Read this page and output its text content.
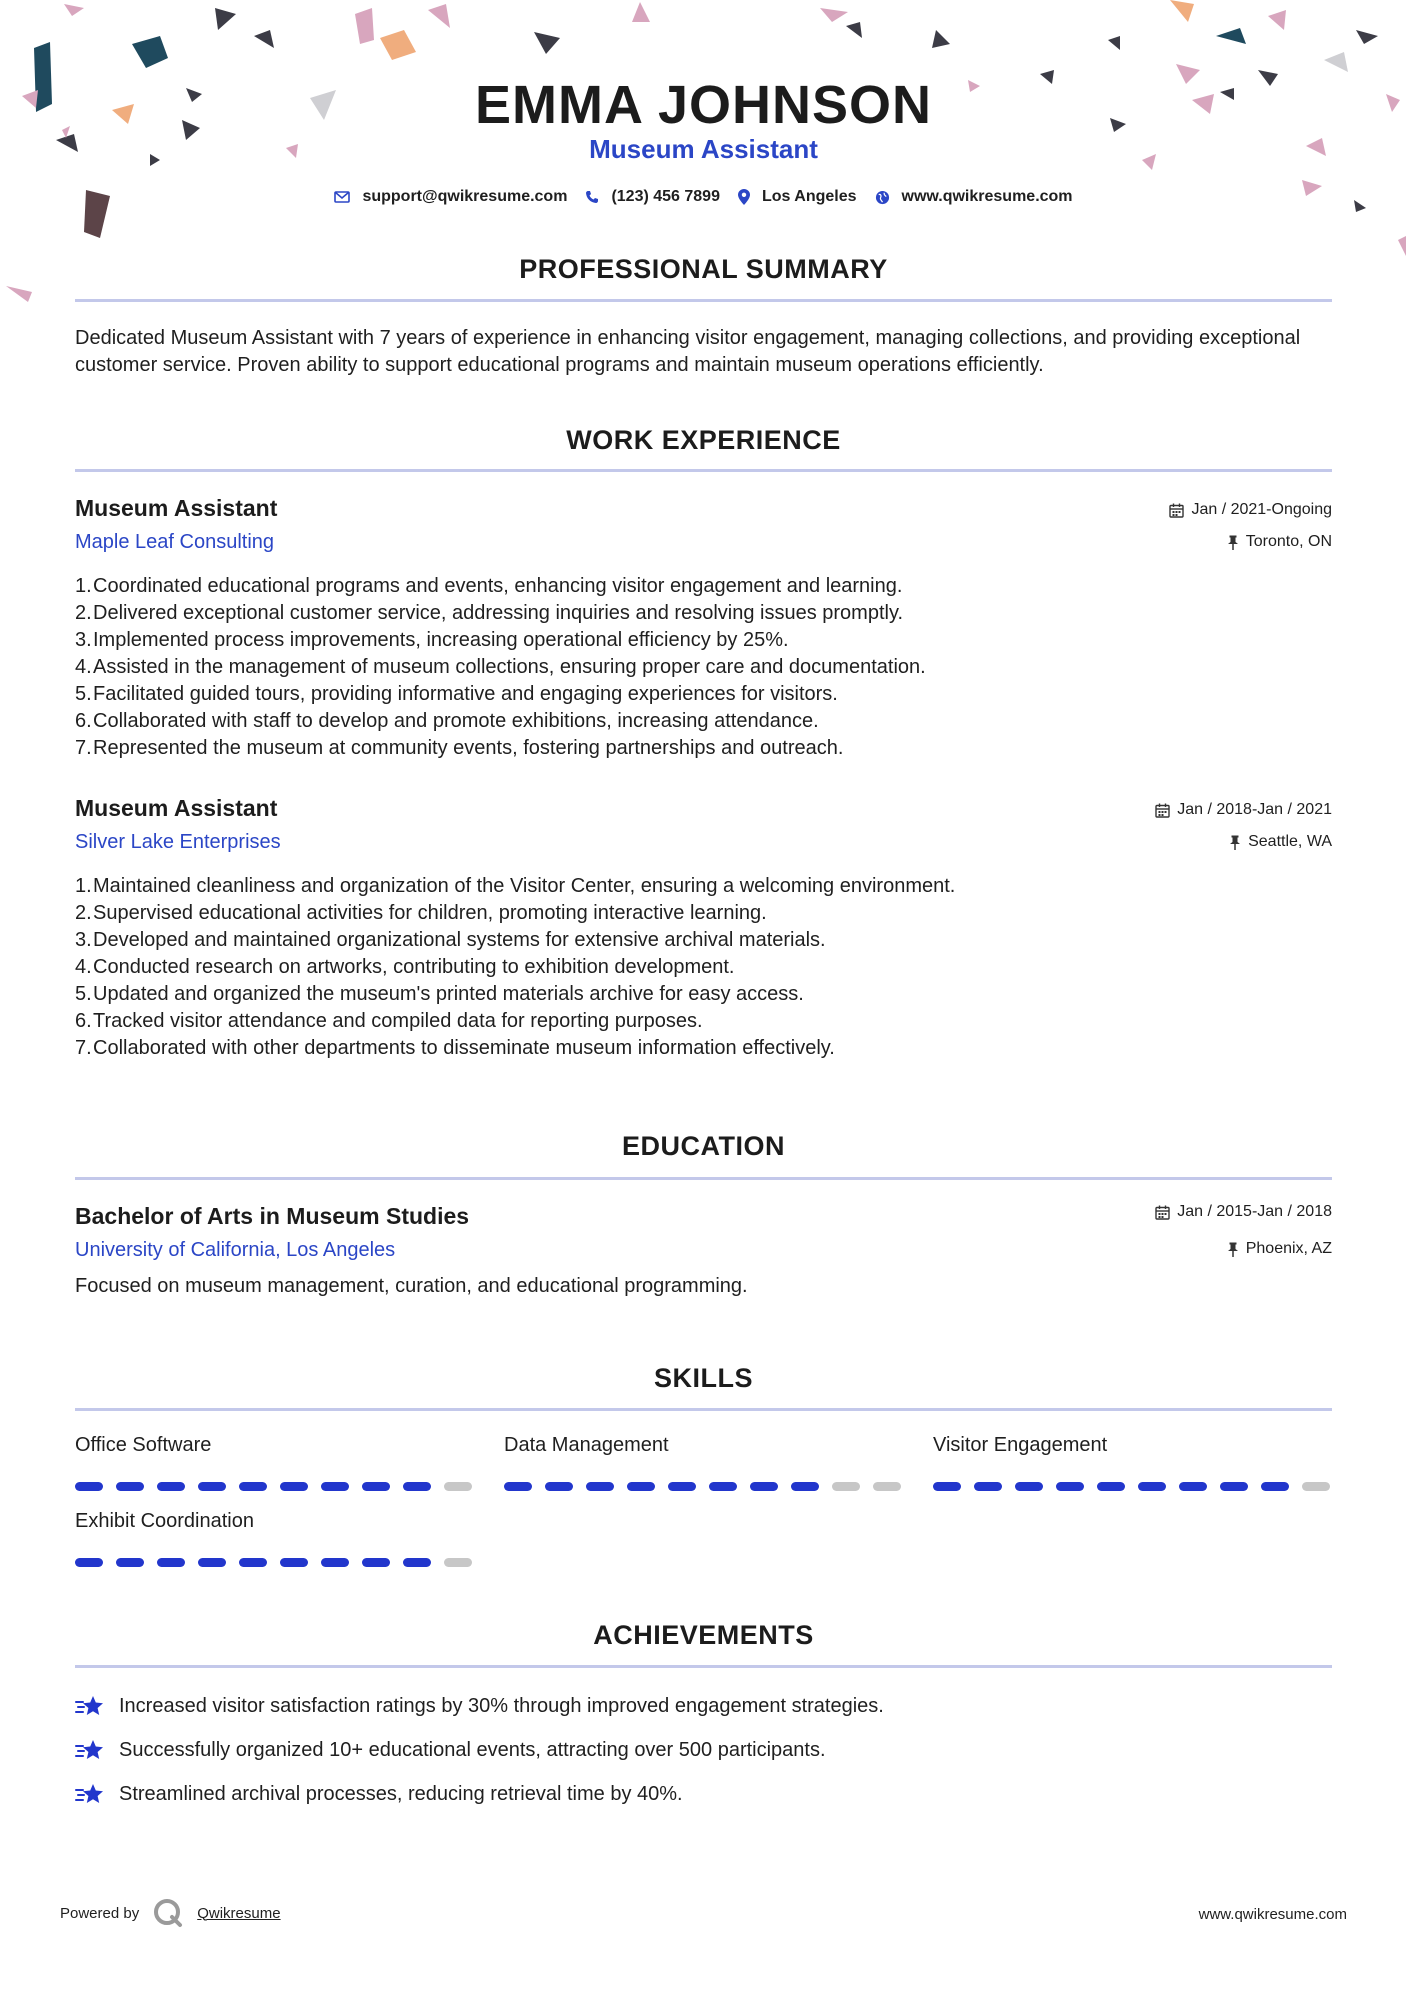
EMMA JOHNSON
Museum Assistant
support@qwikresume.com	(123) 456 7899	Los Angeles	www.qwikresume.com
PROFESSIONAL SUMMARY
Dedicated Museum Assistant with 7 years of experience in enhancing visitor engagement, managing collections, and providing exceptional customer service. Proven ability to support educational programs and maintain museum operations efficiently.
WORK EXPERIENCE
Museum Assistant
Maple Leaf Consulting
Jan / 2021-Ongoing
Toronto, ON
1. Coordinated educational programs and events, enhancing visitor engagement and learning.
2. Delivered exceptional customer service, addressing inquiries and resolving issues promptly.
3. Implemented process improvements, increasing operational efficiency by 25%.
4. Assisted in the management of museum collections, ensuring proper care and documentation.
5. Facilitated guided tours, providing informative and engaging experiences for visitors.
6. Collaborated with staff to develop and promote exhibitions, increasing attendance.
7. Represented the museum at community events, fostering partnerships and outreach.
Museum Assistant
Silver Lake Enterprises
Jan / 2018-Jan / 2021
Seattle, WA
1. Maintained cleanliness and organization of the Visitor Center, ensuring a welcoming environment.
2. Supervised educational activities for children, promoting interactive learning.
3. Developed and maintained organizational systems for extensive archival materials.
4. Conducted research on artworks, contributing to exhibition development.
5. Updated and organized the museum's printed materials archive for easy access.
6. Tracked visitor attendance and compiled data for reporting purposes.
7. Collaborated with other departments to disseminate museum information effectively.
EDUCATION
Bachelor of Arts in Museum Studies
University of California, Los Angeles
Jan / 2015-Jan / 2018
Phoenix, AZ
Focused on museum management, curation, and educational programming.
SKILLS
Office Software	Data Management	Visitor Engagement
Exhibit Coordination
ACHIEVEMENTS
Increased visitor satisfaction ratings by 30% through improved engagement strategies.
Successfully organized 10+ educational events, attracting over 500 participants.
Streamlined archival processes, reducing retrieval time by 40%.
Powered by	Qwikresume	www.qwikresume.com
